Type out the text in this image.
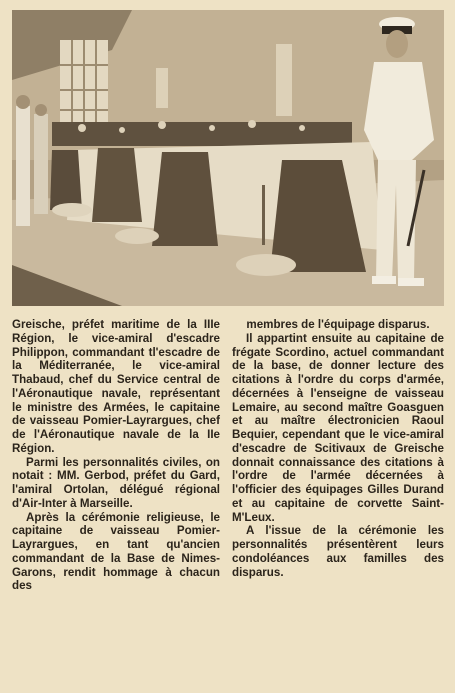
Greische, préfet maritime de la IIIe Région, le vice-amiral d'escadre Philippon, commandant tl'escadre de la Méditerranée, le vice-amiral Thabaud, chef du Service central de l'Aéronautique navale, représentant le ministre des Armées, le capitaine de vaisseau Pomier-Layrargues, chef de l'Aéronautique navale de la IIe Région.

Parmi les personnalités civiles, on notait : MM. Gerbod, préfet du Gard, l'amiral Ortolan, délégué régional d'Air-Inter à Marseille.

Après la cérémonie religieuse, le capitaine de vaisseau Pomier-Layrargues, en tant qu'ancien commandant de la Base de Nimes-Garons, rendit hommage à chacun des

membres de l'équipage disparus.

Il appartint ensuite au capitaine de frégate Scordino, actuel commandant de la base, de donner lecture des citations à l'ordre du corps d'armée, décernées à l'enseigne de vaisseau Lemaire, au second maître Goasguen et au maître électronicien Raoul Bequier, cependant que le vice-amiral d'escadre de Scitivaux de Greische donnait connaissance des citations à l'ordre de l'armée décernées à l'officier des équipages Gilles Durand et au capitaine de corvette Saint-M'Leux.

A l'issue de la cérémonie les personnalités présentèrent leurs condoléances aux familles des disparus.
